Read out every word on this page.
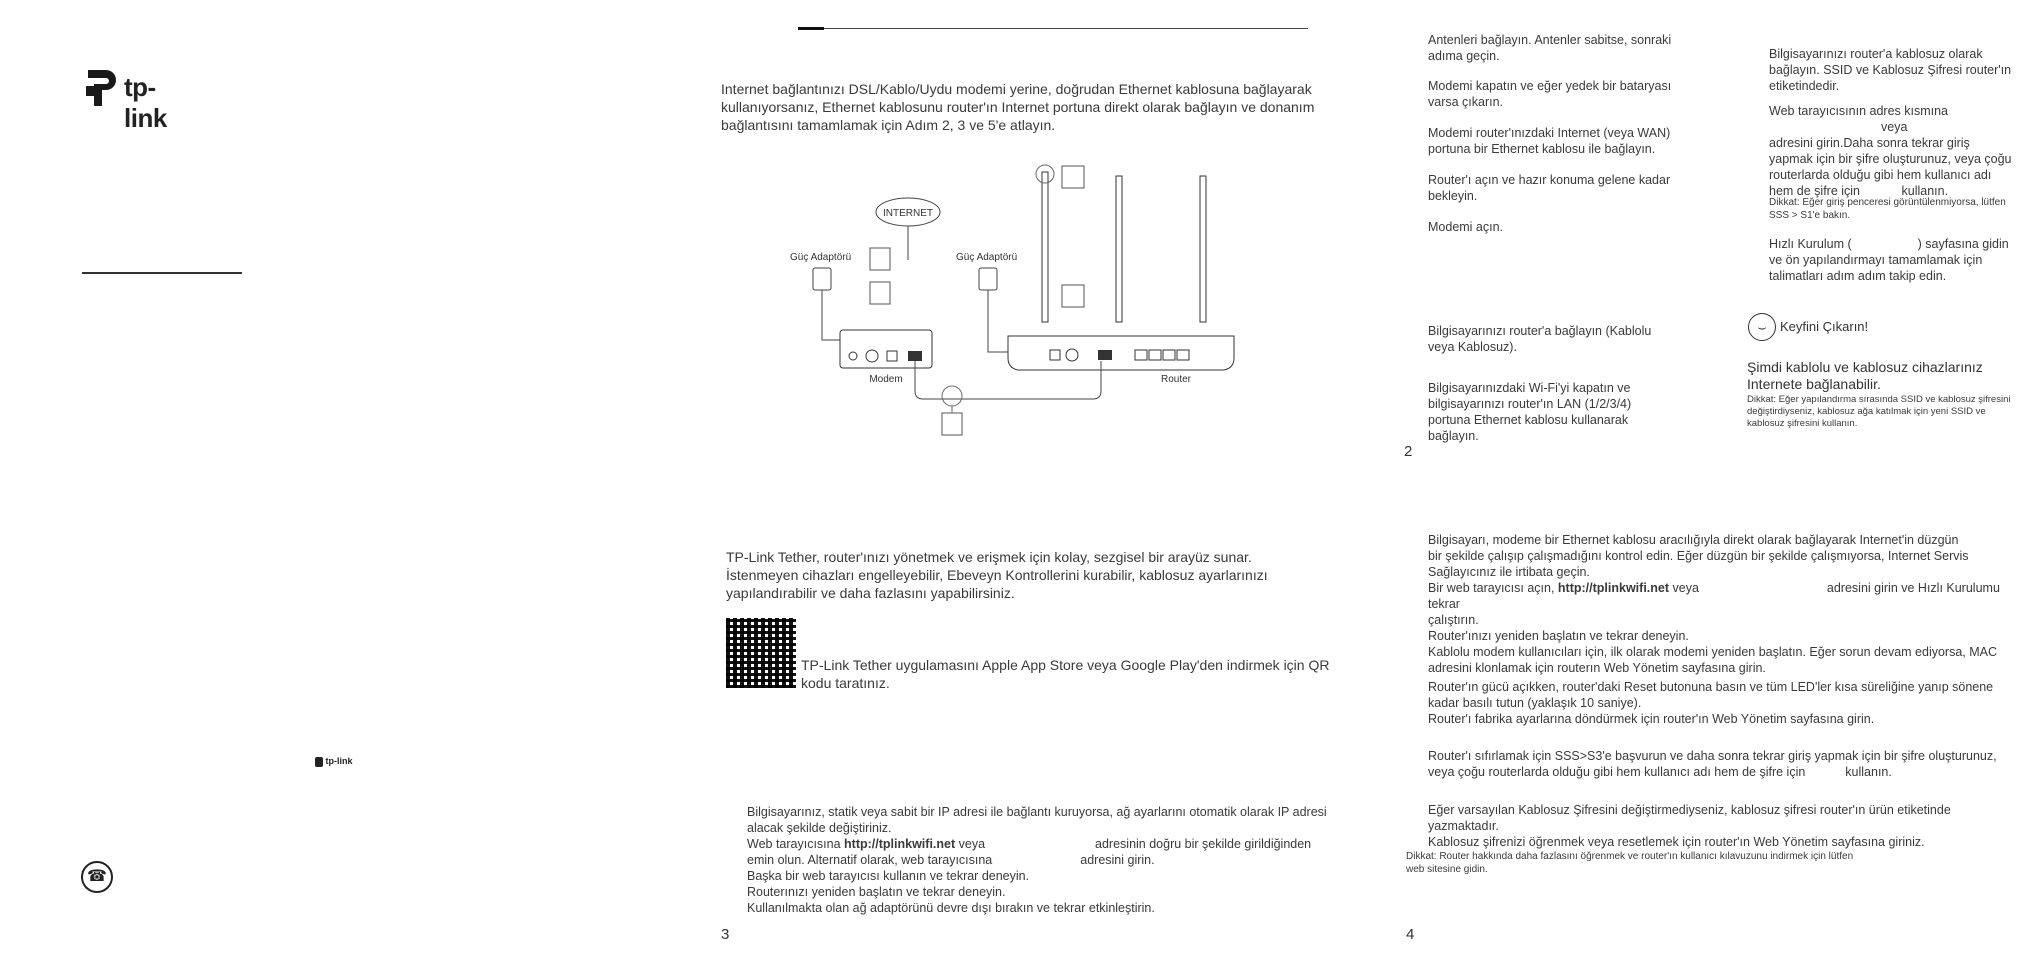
tp-link
tp-link
☎
Internet bağlantınızı DSL/Kablo/Uydu modemi yerine, doğrudan Ethernet kablosuna bağlayarak kullanıyorsanız, Ethernet kablosunu router'ın Internet portuna direkt olarak bağlayın ve donanım bağlantısını tamamlamak için Adım 2, 3 ve 5'e atlayın.
INTERNET
Güç Adaptörü	Güç Adaptörü
Modem	Router
Antenleri bağlayın. Antenler sabitse, sonraki adıma geçin.
Modemi kapatın ve eğer yedek bir bataryası varsa çıkarın.
Modemi router'ınızdaki Internet (veya WAN) portuna bir Ethernet kablosu ile bağlayın.
Router'ı açın ve hazır konuma gelene kadar bekleyin.
Modemi açın.
Bilgisayarınızı router'a bağlayın (Kablolu veya Kablosuz).
Bilgisayarınızdaki Wi-Fi'yi kapatın ve bilgisayarınızı router'ın LAN (1/2/3/4) portuna Ethernet kablosu kullanarak bağlayın.
2
Bilgisayarınızı router'a kablosuz olarak bağlayın. SSID ve Kablosuz Şifresi router'ın etiketindedir.
Web tarayıcısının adres kısmına
veya
adresini girin.Daha sonra tekrar giriş yapmak için bir şifre oluşturunuz, veya çoğu routerlarda olduğu gibi hem kullanıcı adı hem de şifre için	kullanın.
Dikkat: Eğer giriş penceresi görüntülenmiyorsa, lütfen SSS > S1'e bakın.
Hızlı Kurulum (	) sayfasına gidin ve ön yapılandırmayı tamamlamak için talimatları adım adım takip edin.
⌣	Keyfini Çıkarın!
Şimdi kablolu ve kablosuz cihazlarınız Internete bağlanabilir.
Dikkat: Eğer yapılandırma sırasında SSID ve kablosuz şifresini değiştirdiyseniz, kablosuz ağa katılmak için yeni SSID ve kablosuz şifresini kullanın.
TP-Link Tether, router'ınızı yönetmek ve erişmek için kolay, sezgisel bir arayüz sunar. İstenmeyen cihazları engelleyebilir, Ebeveyn Kontrollerini kurabilir, kablosuz ayarlarınızı yapılandırabilir ve daha fazlasını yapabilirsiniz.
TP-Link Tether uygulamasını Apple App Store veya Google Play'den indirmek için QR kodu taratınız.
Bilgisayarınız, statik veya sabit bir IP adresi ile bağlantı kuruyorsa, ağ ayarlarını otomatik olarak IP adresi
alacak şekilde değiştiriniz.
Web tarayıcısına http://tplinkwifi.net veya	adresinin doğru bir şekilde girildiğinden
emin olun. Alternatif olarak, web tarayıcısına	adresini girin.
Başka bir web tarayıcısı kullanın ve tekrar deneyin.
Routerınızı yeniden başlatın ve tekrar deneyin.
Kullanılmakta olan ağ adaptörünü devre dışı bırakın ve tekrar etkinleştirin.
3
Bilgisayarı, modeme bir Ethernet kablosu aracılığıyla direkt olarak bağlayarak Internet'in düzgün
bir şekilde çalışıp çalışmadığını kontrol edin. Eğer düzgün bir şekilde çalışmıyorsa, Internet Servis
Sağlayıcınız ile irtibata geçin.
Bir web tarayıcısı açın, http://tplinkwifi.net veya	adresini girin ve Hızlı Kurulumu tekrar
çalıştırın.
Router'ınızı yeniden başlatın ve tekrar deneyin.
Kablolu modem kullanıcıları için, ilk olarak modemi yeniden başlatın. Eğer sorun devam ediyorsa, MAC
adresini klonlamak için routerın Web Yönetim sayfasına girin.
Router'ın gücü açıkken, router'daki Reset butonuna basın ve tüm LED'ler kısa süreliğine yanıp sönene
kadar basılı tutun (yaklaşık 10 saniye).
Router'ı fabrika ayarlarına döndürmek için router'ın Web Yönetim sayfasına girin.
Router'ı sıfırlamak için SSS>S3'e başvurun ve daha sonra tekrar giriş yapmak için bir şifre oluşturunuz,
veya çoğu routerlarda olduğu gibi hem kullanıcı adı hem de şifre için	kullanın.
Eğer varsayılan Kablosuz Şifresini değiştirmediyseniz, kablosuz şifresi router'ın ürün etiketinde
yazmaktadır.
Kablosuz şifrenizi öğrenmek veya resetlemek için router'ın Web Yönetim sayfasına giriniz.
Dikkat: Router hakkında daha fazlasını öğrenmek ve router'ın kullanıcı kılavuzunu indirmek için lütfen
web sitesine gidin.
4
